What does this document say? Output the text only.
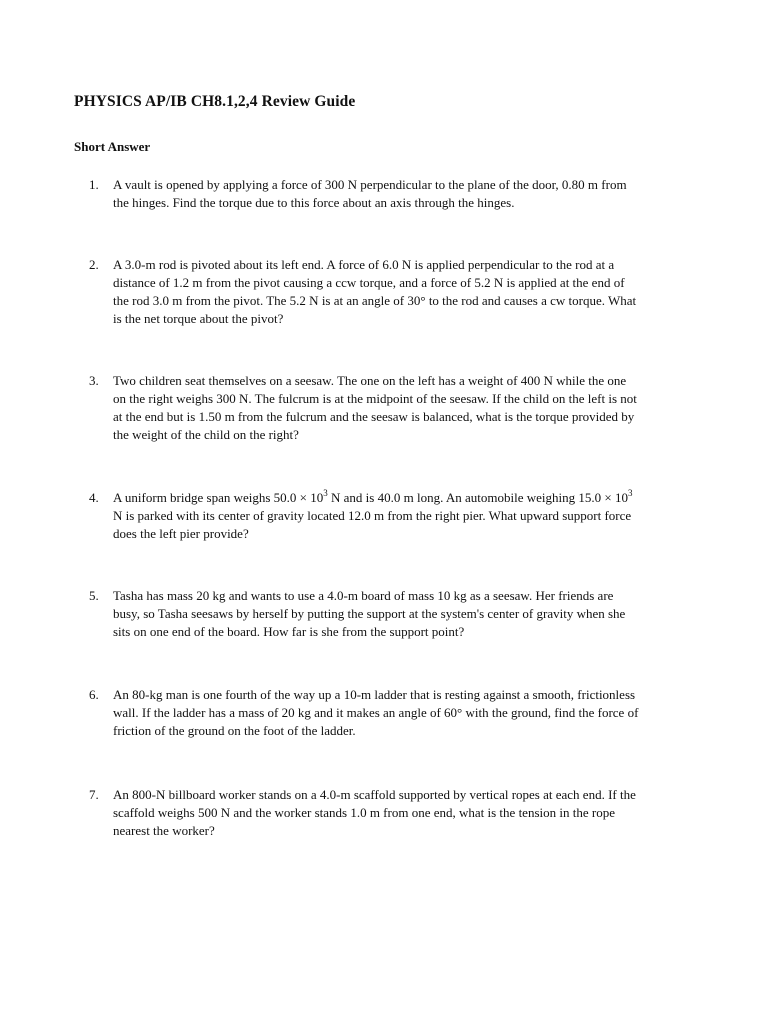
PHYSICS AP/IB CH8.1,2,4 Review Guide
Short Answer
1. A vault is opened by applying a force of 300 N perpendicular to the plane of the door, 0.80 m from
the hinges. Find the torque due to this force about an axis through the hinges.
2. A 3.0-m rod is pivoted about its left end. A force of 6.0 N is applied perpendicular to the rod at a
distance of 1.2 m from the pivot causing a ccw torque, and a force of 5.2 N is applied at the end of
the rod 3.0 m from the pivot. The 5.2 N is at an angle of 30° to the rod and causes a cw torque. What
is the net torque about the pivot?
3. Two children seat themselves on a seesaw. The one on the left has a weight of 400 N while the one
on the right weighs 300 N. The fulcrum is at the midpoint of the seesaw. If the child on the left is not
at the end but is 1.50 m from the fulcrum and the seesaw is balanced, what is the torque provided by
the weight of the child on the right?
4. A uniform bridge span weighs $50.0 \times 10^3$ N and is 40.0 m long. An automobile weighing $15.0 \times 10^3$
N is parked with its center of gravity located 12.0 m from the right pier. What upward support force
does the left pier provide?
5. Tasha has mass 20 kg and wants to use a 4.0-m board of mass 10 kg as a seesaw. Her friends are
busy, so Tasha seesaws by herself by putting the support at the system's center of gravity when she
sits on one end of the board. How far is she from the support point?
6. An 80-kg man is one fourth of the way up a 10-m ladder that is resting against a smooth, frictionless
wall. If the ladder has a mass of 20 kg and it makes an angle of 60° with the ground, find the force of
friction of the ground on the foot of the ladder.
7. An 800-N billboard worker stands on a 4.0-m scaffold supported by vertical ropes at each end. If the
scaffold weighs 500 N and the worker stands 1.0 m from one end, what is the tension in the rope
nearest the worker?
